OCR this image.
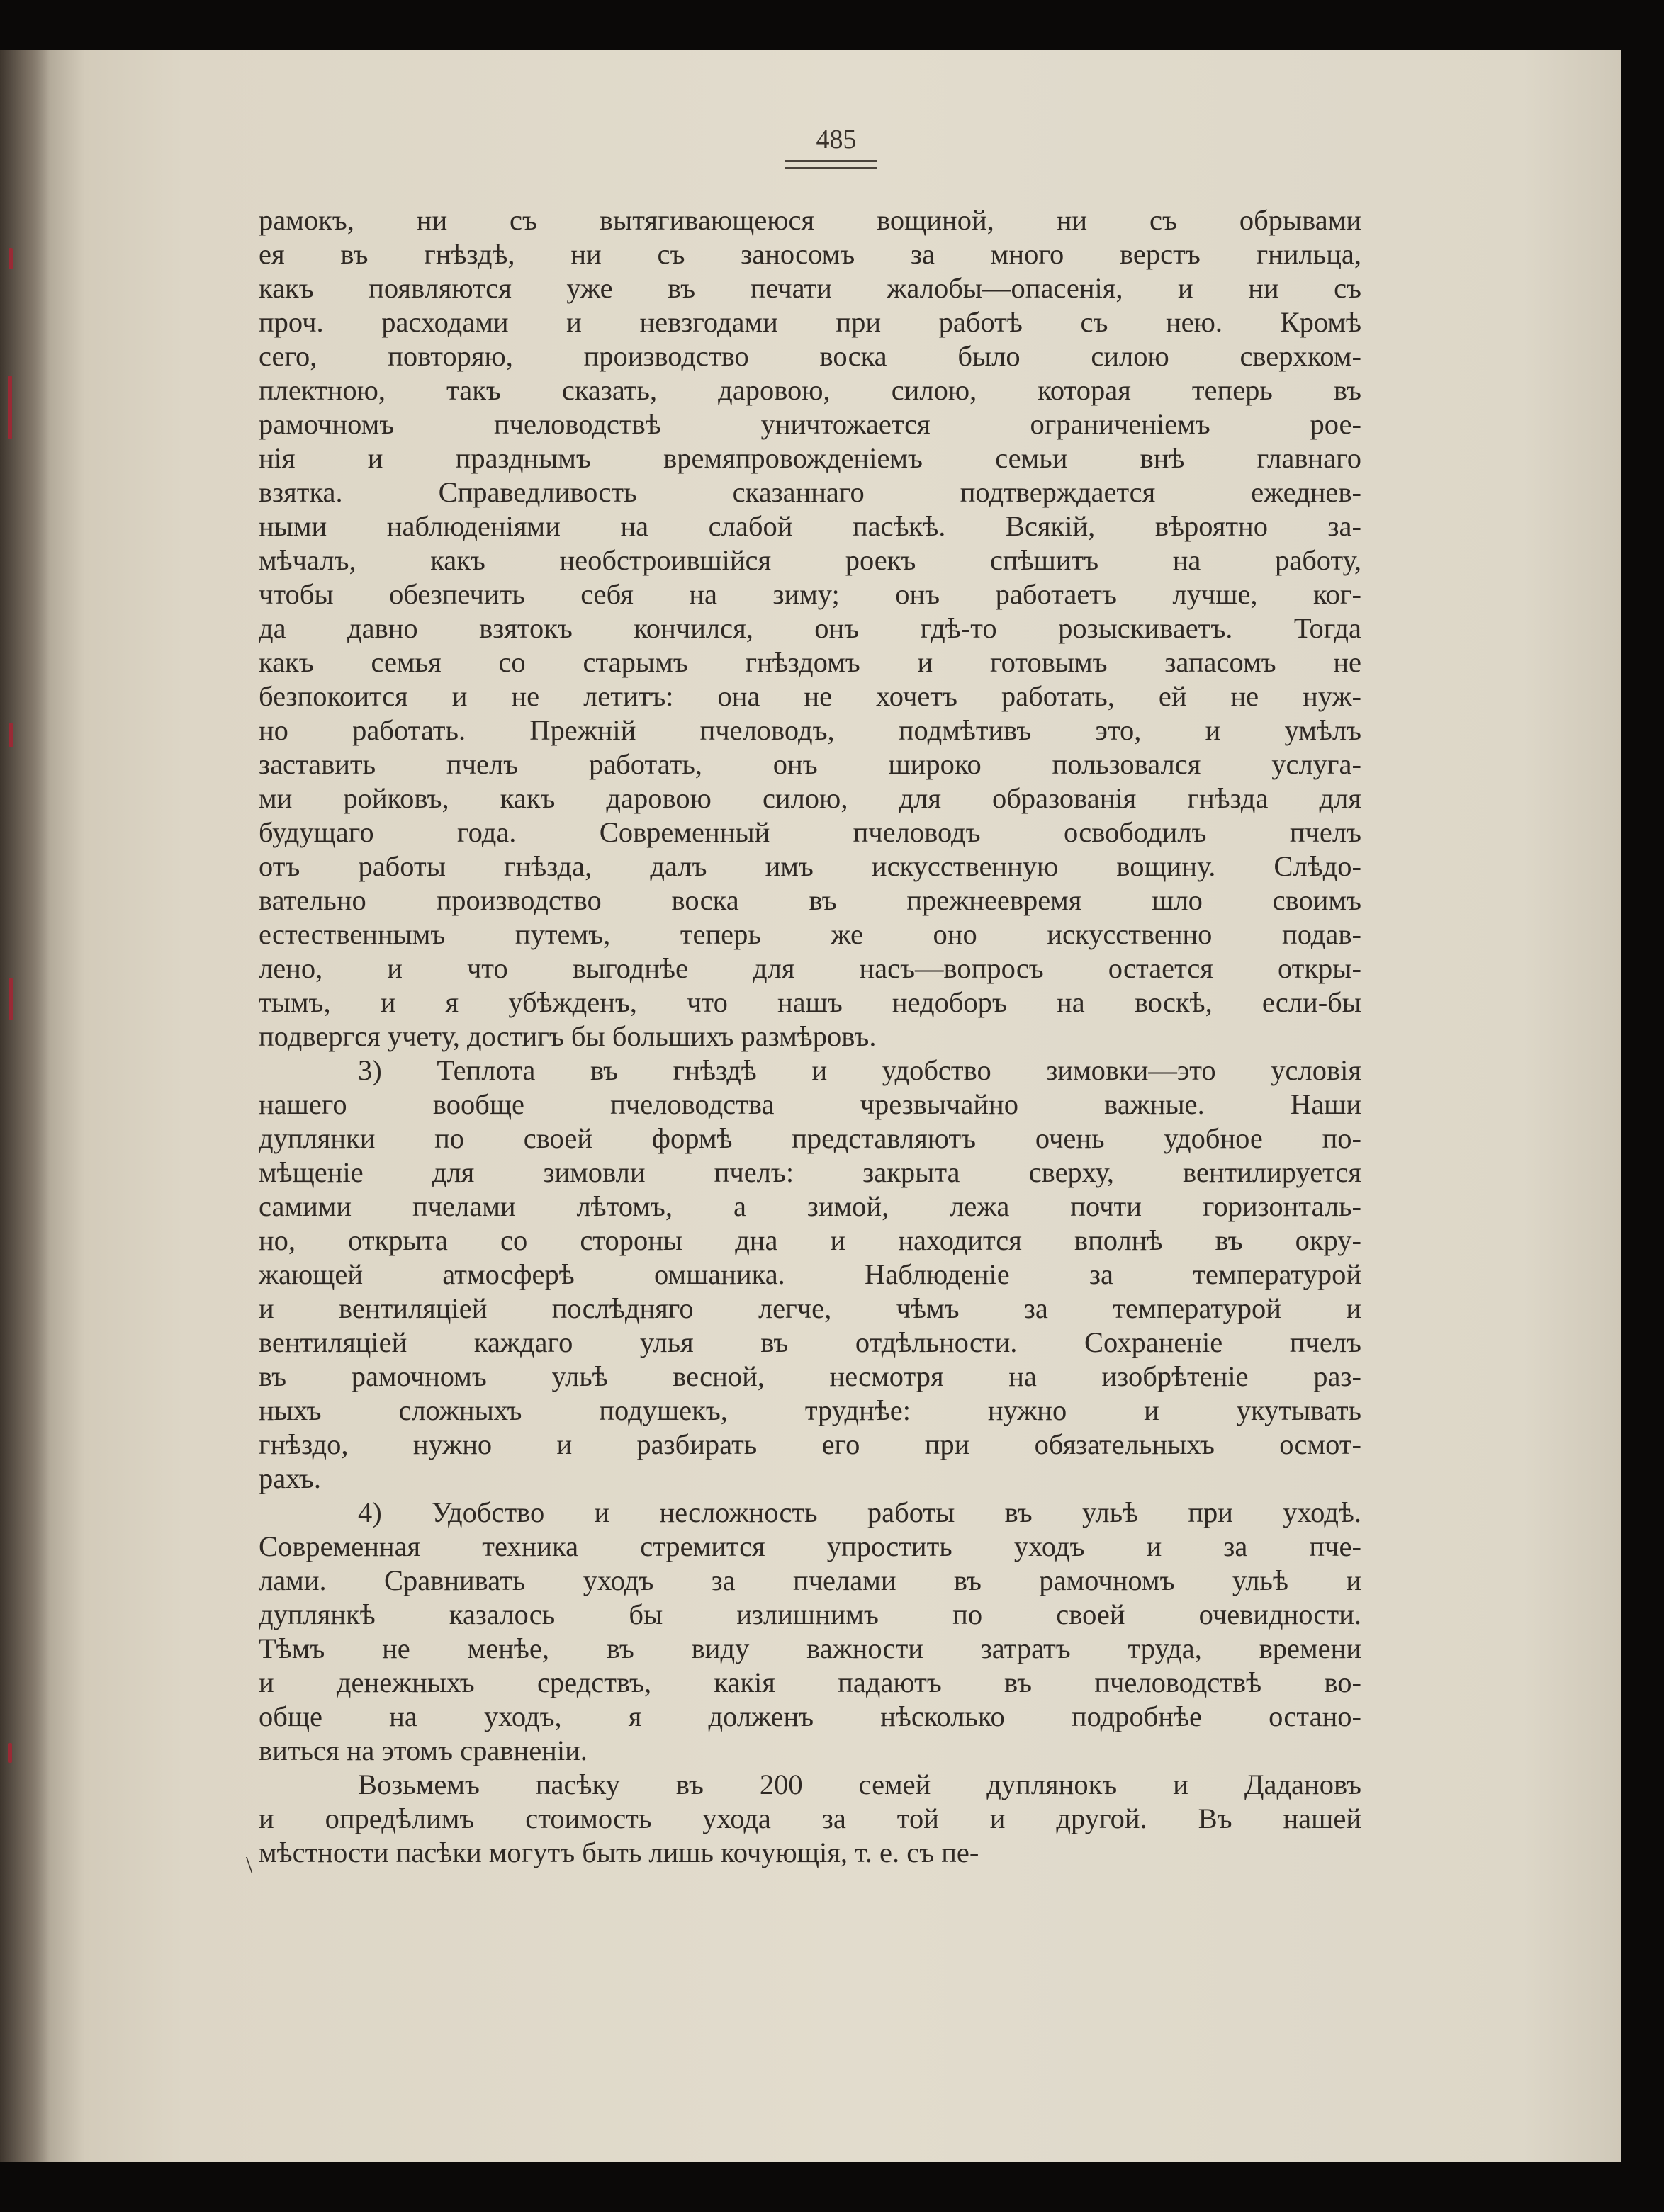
485
рамокъ, ни съ вытягивающеюся вощиной, ни съ обрывами
ея въ гнѣздѣ, ни съ заносомъ за много верстъ гнильца,
какъ появляются уже въ печати жалобы—опасенія, и ни съ
проч. расходами и невзгодами при работѣ съ нею. Кромѣ
сего, повторяю, производство воска было силою сверхком-
плектною, такъ сказать, даровою, силою, которая теперь въ
рамочномъ пчеловодствѣ уничтожается ограниченіемъ рое-
нія и празднымъ времяпровожденіемъ семьи внѣ главнаго
взятка. Справедливость сказаннаго подтверждается ежеднев-
ными наблюденіями на слабой пасѣкѣ. Всякій, вѣроятно за-
мѣчалъ, какъ необстроившійся роекъ спѣшитъ на работу,
чтобы обезпечить себя на зиму; онъ работаетъ лучше, ког-
да давно взятокъ кончился, онъ гдѣ-то розыскиваетъ. Тогда
какъ семья со старымъ гнѣздомъ и готовымъ запасомъ не
безпокоится и не летитъ: она не хочетъ работать, ей не нуж-
но работать. Прежній пчеловодъ, подмѣтивъ это, и умѣлъ
заставить пчелъ работать, онъ широко пользовался услуга-
ми ройковъ, какъ даровою силою, для образованія гнѣзда для
будущаго года. Современный пчеловодъ освободилъ пчелъ
отъ работы гнѣзда, далъ имъ искусственную вощину. Слѣдо-
вательно производство воска въ прежнеевремя шло своимъ
естественнымъ путемъ, теперь же оно искусственно подав-
лено, и что выгоднѣе для насъ—вопросъ остается откры-
тымъ, и я убѣжденъ, что нашъ недоборъ на воскѣ, если-бы
подвергся учету, достигъ бы большихъ размѣровъ.
3) Теплота въ гнѣздѣ и удобство зимовки—это условія
нашего вообще пчеловодства чрезвычайно важные. Наши
дуплянки по своей формѣ представляютъ очень удобное по-
мѣщеніе для зимовли пчелъ: закрыта сверху, вентилируется
самими пчелами лѣтомъ, а зимой, лежа почти горизонталь-
но, открыта со стороны дна и находится вполнѣ въ окру-
жающей атмосферѣ омшаника. Наблюденіе за температурой
и вентиляціей послѣдняго легче, чѣмъ за температурой и
вентиляціей каждаго улья въ отдѣльности. Сохраненіе пчелъ
въ рамочномъ ульѣ весной, несмотря на изобрѣтеніе раз-
ныхъ сложныхъ подушекъ, труднѣе: нужно и укутывать
гнѣздо, нужно и разбирать его при обязательныхъ осмот-
рахъ.
4) Удобство и несложность работы въ ульѣ при уходѣ.
Современная техника стремится упростить уходъ и за пче-
лами. Сравнивать уходъ за пчелами въ рамочномъ ульѣ и
дуплянкѣ казалось бы излишнимъ по своей очевидности.
Тѣмъ не менѣе, въ виду важности затратъ труда, времени
и денежныхъ средствъ, какія падаютъ въ пчеловодствѣ во-
обще на уходъ, я долженъ нѣсколько подробнѣе остано-
виться на этомъ сравненіи.
Возьмемъ пасѣку въ 200 семей дуплянокъ и Дадановъ
и опредѣлимъ стоимость ухода за той и другой. Въ нашей
мѣстности пасѣки могутъ быть лишь кочующія, т. е. съ пе-
\
